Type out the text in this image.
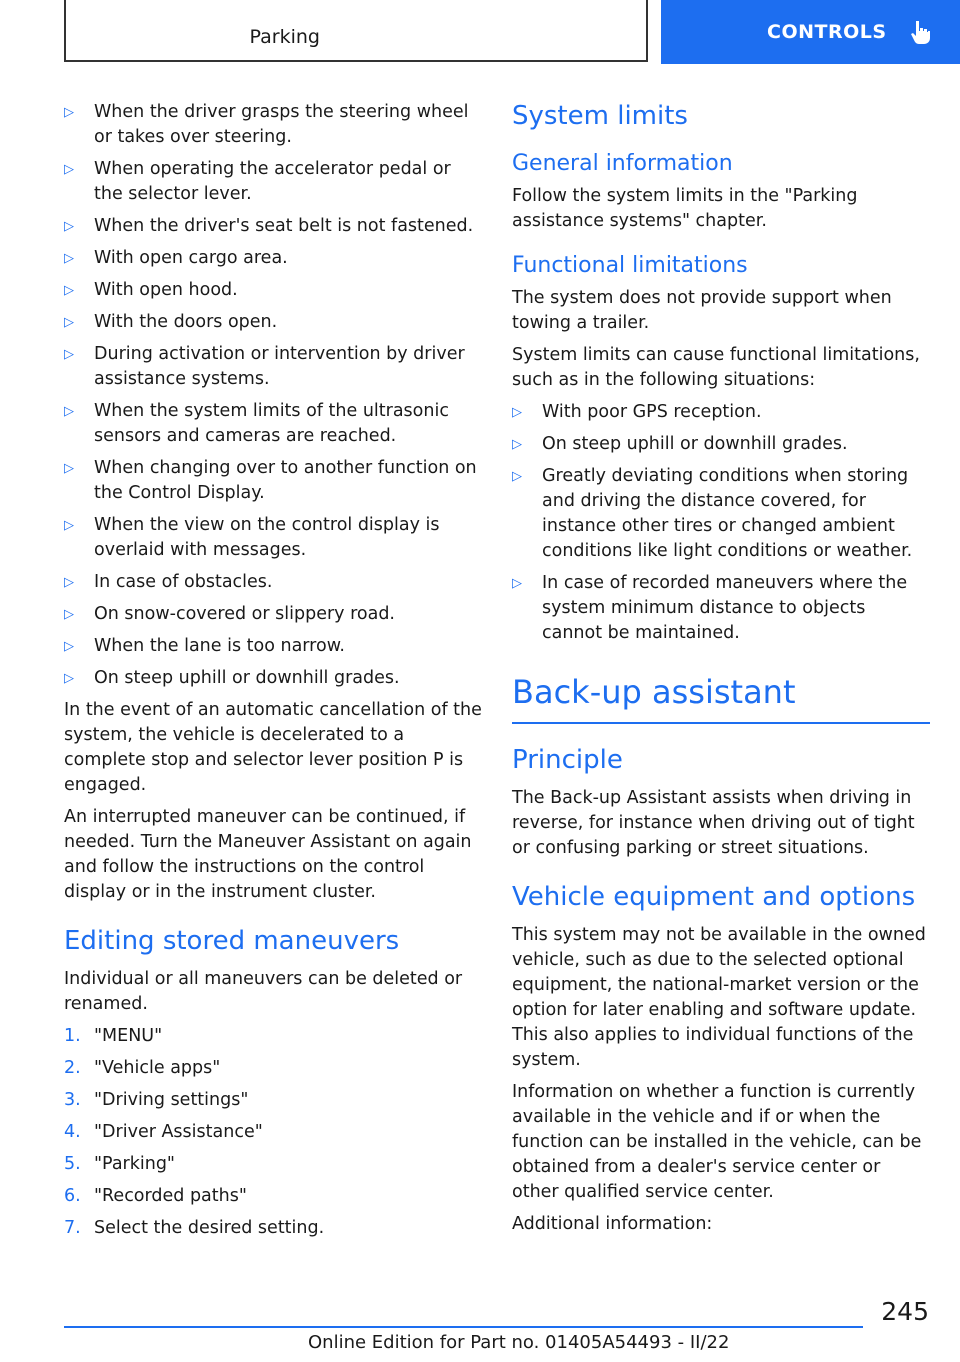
Parking	CONTROLS
▷ When the driver grasps the steering wheel or takes over steering.
▷ When operating the accelerator pedal or the selector lever.
▷ When the driver's seat belt is not fastened.
▷ With open cargo area.
▷ With open hood.
▷ With the doors open.
▷ During activation or intervention by driver assistance systems.
▷ When the system limits of the ultrasonic sensors and cameras are reached.
▷ When changing over to another function on the Control Display.
▷ When the view on the control display is overlaid with messages.
▷ In case of obstacles.
▷ On snow-covered or slippery road.
▷ When the lane is too narrow.
▷ On steep uphill or downhill grades.

In the event of an automatic cancellation of the system, the vehicle is decelerated to a complete stop and selector lever position P is engaged.

An interrupted maneuver can be continued, if needed. Turn the Maneuver Assistant on again and follow the instructions on the control display or in the instrument cluster.

Editing stored maneuvers

Individual or all maneuvers can be deleted or renamed.

1. "MENU"
2. "Vehicle apps"
3. "Driving settings"
4. "Driver Assistance"
5. "Parking"
6. "Recorded paths"
7. Select the desired setting.
System limits
General information

Follow the system limits in the "Parking assistance systems" chapter.

Functional limitations

The system does not provide support when towing a trailer.

System limits can cause functional limitations, such as in the following situations:

▷ With poor GPS reception.
▷ On steep uphill or downhill grades.
▷ Greatly deviating conditions when storing and driving the distance covered, for instance other tires or changed ambient conditions like light conditions or weather.
▷ In case of recorded maneuvers where the system minimum distance to objects cannot be maintained.
Back-up assistant
Principle

The Back-up Assistant assists when driving in reverse, for instance when driving out of tight or confusing parking or street situations.

Vehicle equipment and options

This system may not be available in the owned vehicle, such as due to the selected optional equipment, the national-market version or the option for later enabling and software update. This also applies to individual functions of the system.

Information on whether a function is currently available in the vehicle and if or when the function can be installed in the vehicle, can be obtained from a dealer's service center or other qualified service center.

Additional information:

245
Online Edition for Part no. 01405A54493 - II/22
